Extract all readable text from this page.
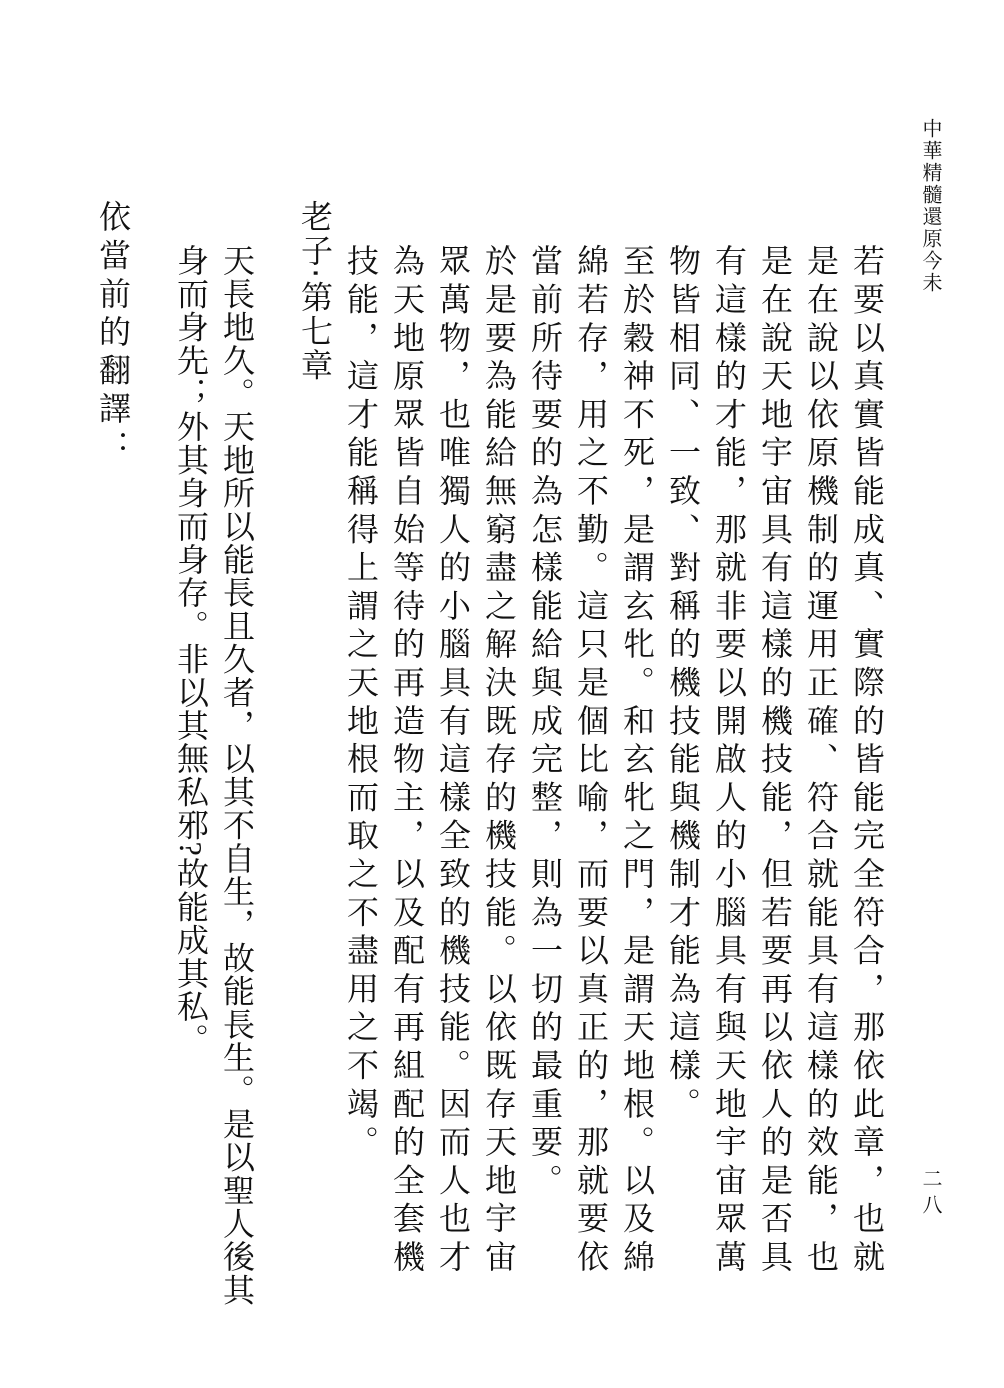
中華精髓還原今未
二八

若要以真實皆能成真、實際的皆能完全符合，那依此章，也就是在說以依原機制的運用正確、符合就能具有這樣的效能，也是在說天地宇宙具有這樣的機技能，但若要再以依人的是否具有這樣的才能，那就非要以開啟人的小腦具有與天地宇宙眾萬物皆相同、一致、對稱的機技能與機制才能為這樣。

至於穀神不死，是謂玄牝。和玄牝之門，是謂天地根。以及綿綿若存，用之不勤。這只是個比喻，而要以真正的，那就要依當前所待要的為怎樣能給與成完整，則為一切的最重要。

於是要為能給無窮盡之解決既存的機技能。以依既存天地宇宙眾萬物，也唯獨人的小腦具有這樣全致的機技能。因而人也才為天地原眾皆自始等待的再造物主，以及配有再組配的全套機技能，這才能稱得上謂之天地根而取之不盡用之不竭。

老子‧第七章

天長地久。天地所以能長且久者，以其不自生，故能長生。是以聖人後其身而身先；外其身而身存。非以其無私邪?故能成其私。

依當前的翻譯：
